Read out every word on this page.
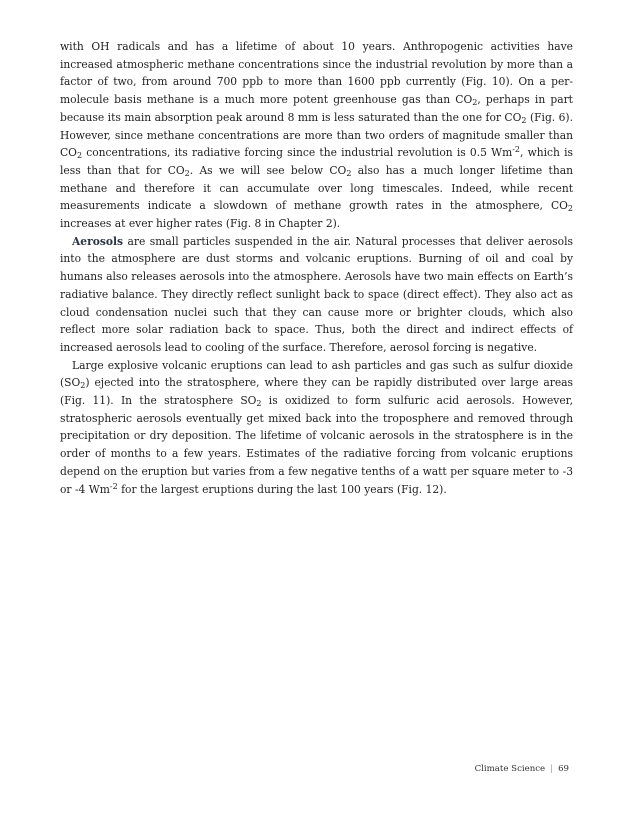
with OH radicals and has a lifetime of about 10 years. Anthropogenic activities have increased atmospheric methane concentrations since the industrial revolution by more than a factor of two, from around 700 ppb to more than 1600 ppb currently (Fig. 10). On a per-molecule basis methane is a much more potent greenhouse gas than $CO_2$, perhaps in part because its main absorption peak around 8 mm is less saturated than the one for $CO_2$ (Fig. 6). However, since methane concentrations are more than two orders of magnitude smaller than $CO_2$ concentrations, its radiative forcing since the industrial revolution is 0.5 $Wm^{-2}$, which is less than that for $CO_2$. As we will see below $CO_2$ also has a much longer lifetime than methane and therefore it can accumulate over long timescales. Indeed, while recent measurements indicate a slowdown of methane growth rates in the atmosphere, $CO_2$ increases at ever higher rates (Fig. 8 in Chapter 2).

Aerosols are small particles suspended in the air. Natural processes that deliver aerosols into the atmosphere are dust storms and volcanic eruptions. Burning of oil and coal by humans also releases aerosols into the atmosphere. Aerosols have two main effects on Earth’s radiative balance. They directly reflect sunlight back to space (direct effect). They also act as cloud condensation nuclei such that they can cause more or brighter clouds, which also reflect more solar radiation back to space. Thus, both the direct and indirect effects of increased aerosols lead to cooling of the surface. Therefore, aerosol forcing is negative.

Large explosive volcanic eruptions can lead to ash particles and gas such as sulfur dioxide $(SO_2)$ ejected into the stratosphere, where they can be rapidly distributed over large areas (Fig. 11). In the stratosphere $SO_2$ is oxidized to form sulfuric acid aerosols. However, stratospheric aerosols eventually get mixed back into the troposphere and removed through precipitation or dry deposition. The lifetime of volcanic aerosols in the stratosphere is in the order of months to a few years. Estimates of the radiative forcing from volcanic eruptions depend on the eruption but varies from a few negative tenths of a watt per square meter to -3 or -4 $Wm^{-2}$ for the largest eruptions during the last 100 years (Fig. 12).

Climate Science | 69
